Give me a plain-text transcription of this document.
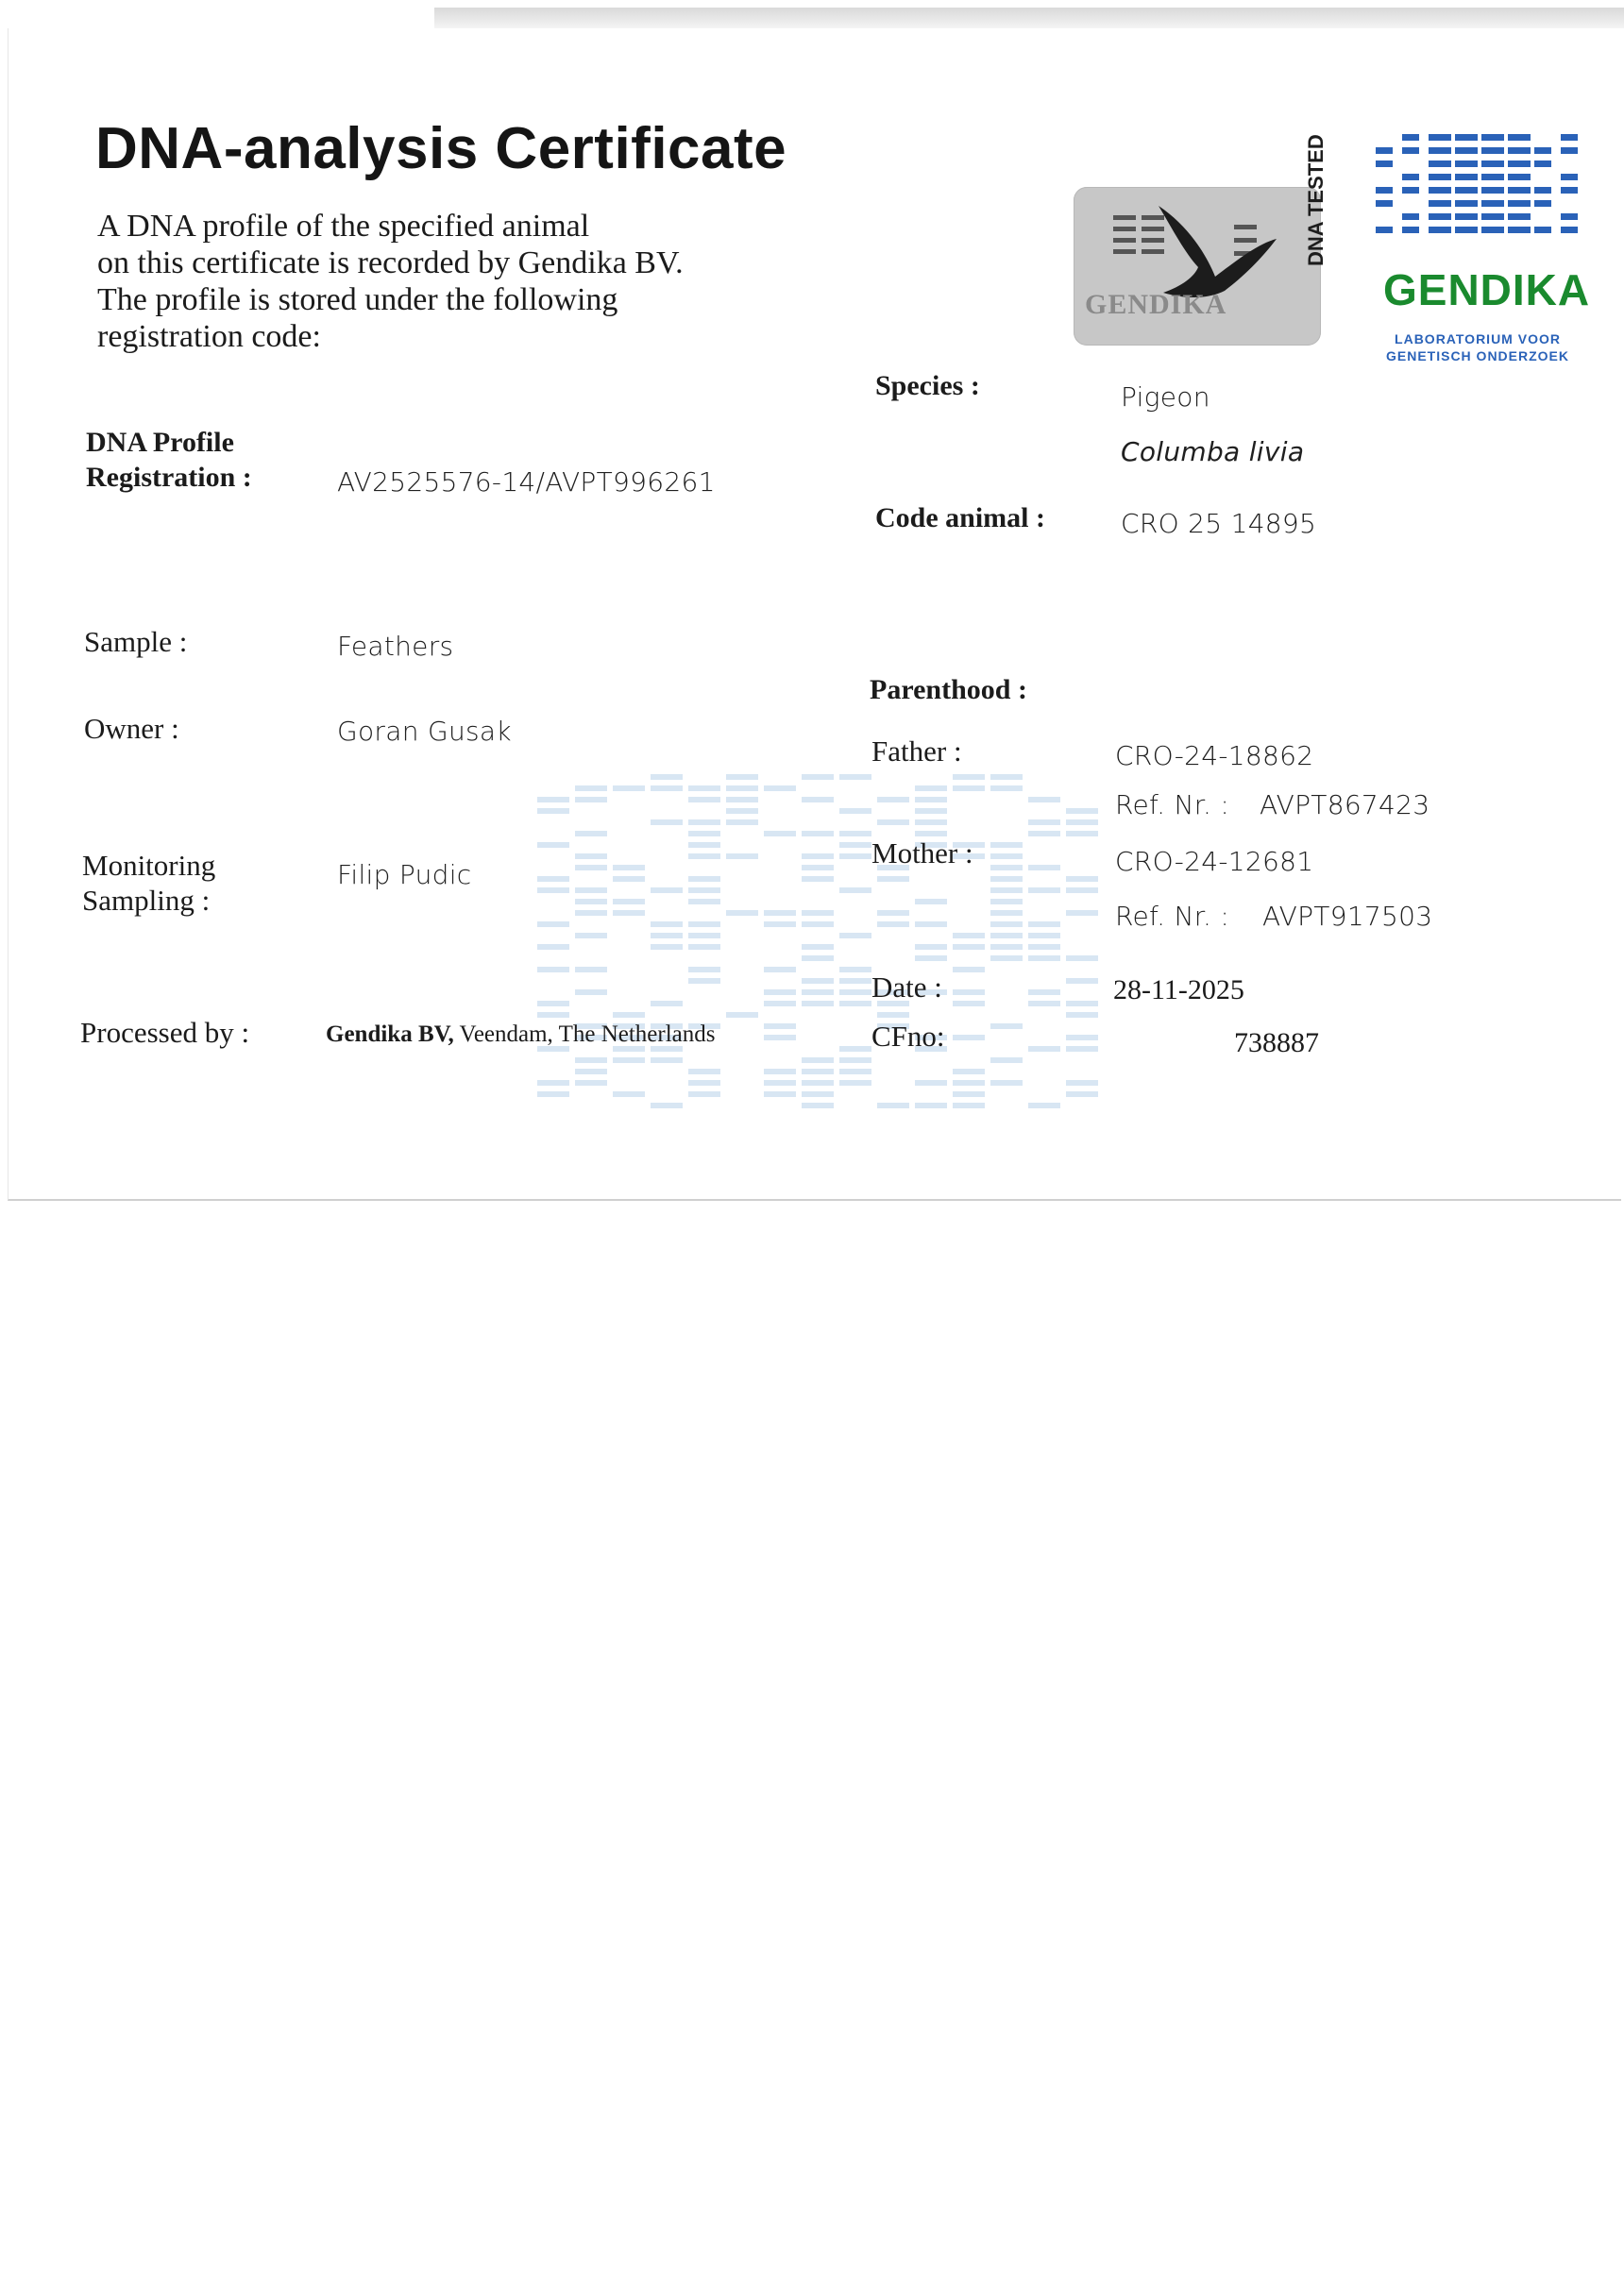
DNA-analysis Certificate
A DNA profile of the specified animal
on this certificate is recorded by Gendika BV.
The profile is stored under the following
registration code:
DNA Profile
Registration :	AV2525576-14/AVPT996261
Sample :	Feathers
Owner :	Goran Gusak
Monitoring
Sampling :
Filip Pudic
Processed by :	Gendika BV, Veendam, The Netherlands
Species :	Pigeon
Columba livia
Code animal :	CRO 25 14895
Parenthood :
Father :	CRO-24-18862
Ref. Nr. : AVPT867423
Mother :	CRO-24-12681
Ref. Nr. : AVPT917503
Date :	28-11-2025
CFno:	738887
GENDIKA
DNA TESTED
GENDIKA
LABORATORIUM VOOR
GENETISCH ONDERZOEK
